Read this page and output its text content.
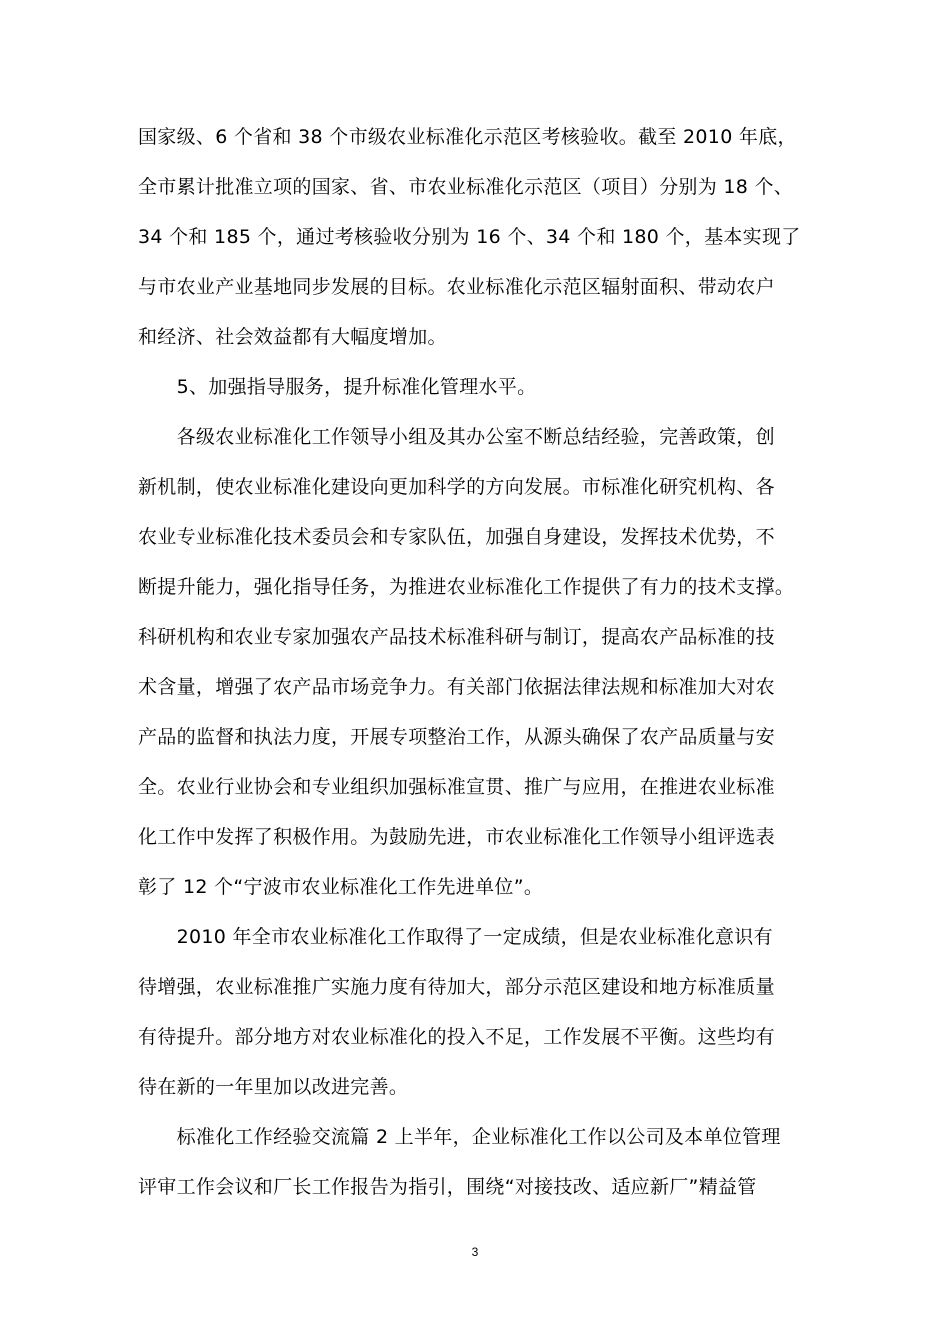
国家级、6 个省和 38 个市级农业标准化示范区考核验收。截至 2010 年底，
全市累计批准立项的国家、省、市农业标准化示范区（项目）分别为 18 个、
34 个和 185 个，通过考核验收分别为 16 个、34 个和 180 个，基本实现了
与市农业产业基地同步发展的目标。农业标准化示范区辐射面积、带动农户
和经济、社会效益都有大幅度增加。
　　5、加强指导服务，提升标准化管理水平。
　　各级农业标准化工作领导小组及其办公室不断总结经验，完善政策，创
新机制，使农业标准化建设向更加科学的方向发展。市标准化研究机构、各
农业专业标准化技术委员会和专家队伍，加强自身建设，发挥技术优势，不
断提升能力，强化指导任务，为推进农业标准化工作提供了有力的技术支撑。
科研机构和农业专家加强农产品技术标准科研与制订，提高农产品标准的技
术含量，增强了农产品市场竞争力。有关部门依据法律法规和标准加大对农
产品的监督和执法力度，开展专项整治工作，从源头确保了农产品质量与安
全。农业行业协会和专业组织加强标准宣贯、推广与应用，在推进农业标准
化工作中发挥了积极作用。为鼓励先进，市农业标准化工作领导小组评选表
彰了 12 个“宁波市农业标准化工作先进单位”。
　　2010 年全市农业标准化工作取得了一定成绩，但是农业标准化意识有
待增强，农业标准推广实施力度有待加大，部分示范区建设和地方标准质量
有待提升。部分地方对农业标准化的投入不足，工作发展不平衡。这些均有
待在新的一年里加以改进完善。
　　标准化工作经验交流篇 2 上半年，企业标准化工作以公司及本单位管理
评审工作会议和厂长工作报告为指引，围绕“对接技改、适应新厂”精益管
3
